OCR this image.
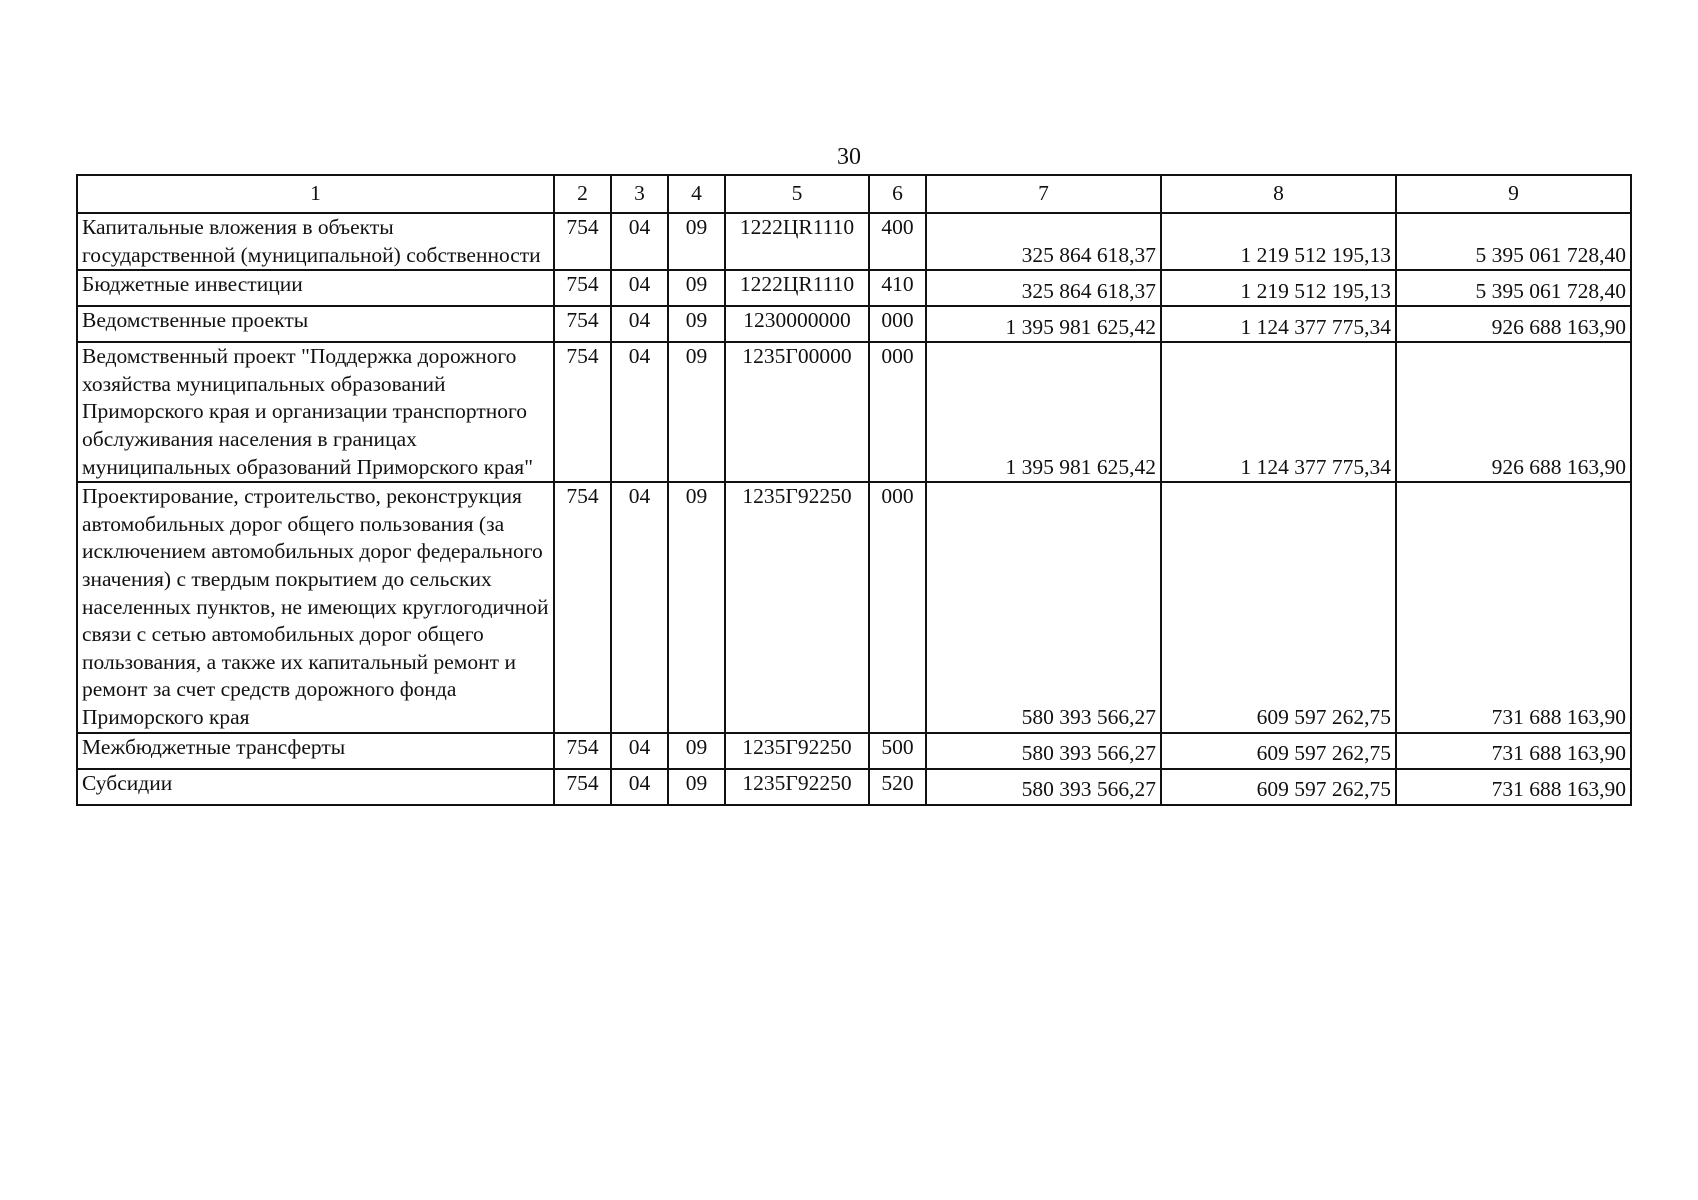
30
1	2	3	4	5	6	7	8	9
Капитальные вложения в объекты государственной (муниципальной) собственности	754	04	09	1222ЦR1110	400	325 864 618,37	1 219 512 195,13	5 395 061 728,40
Бюджетные инвестиции	754	04	09	1222ЦR1110	410	325 864 618,37	1 219 512 195,13	5 395 061 728,40
Ведомственные проекты	754	04	09	1230000000	000	1 395 981 625,42	1 124 377 775,34	926 688 163,90
Ведомственный проект "Поддержка дорожного хозяйства муниципальных образований Приморского края и организации транспортного обслуживания населения в границах муниципальных образований Приморского края"	754	04	09	1235Г00000	000	1 395 981 625,42	1 124 377 775,34	926 688 163,90
Проектирование, строительство, реконструкция автомобильных дорог общего пользования (за исключением автомобильных дорог федерального значения) с твердым покрытием до сельских населенных пунктов, не имеющих круглогодичной связи с сетью автомобильных дорог общего пользования, а также их капитальный ремонт и ремонт за счет средств дорожного фонда Приморского края	754	04	09	1235Г92250	000	580 393 566,27	609 597 262,75	731 688 163,90
Межбюджетные трансферты	754	04	09	1235Г92250	500	580 393 566,27	609 597 262,75	731 688 163,90
Субсидии	754	04	09	1235Г92250	520	580 393 566,27	609 597 262,75	731 688 163,90
